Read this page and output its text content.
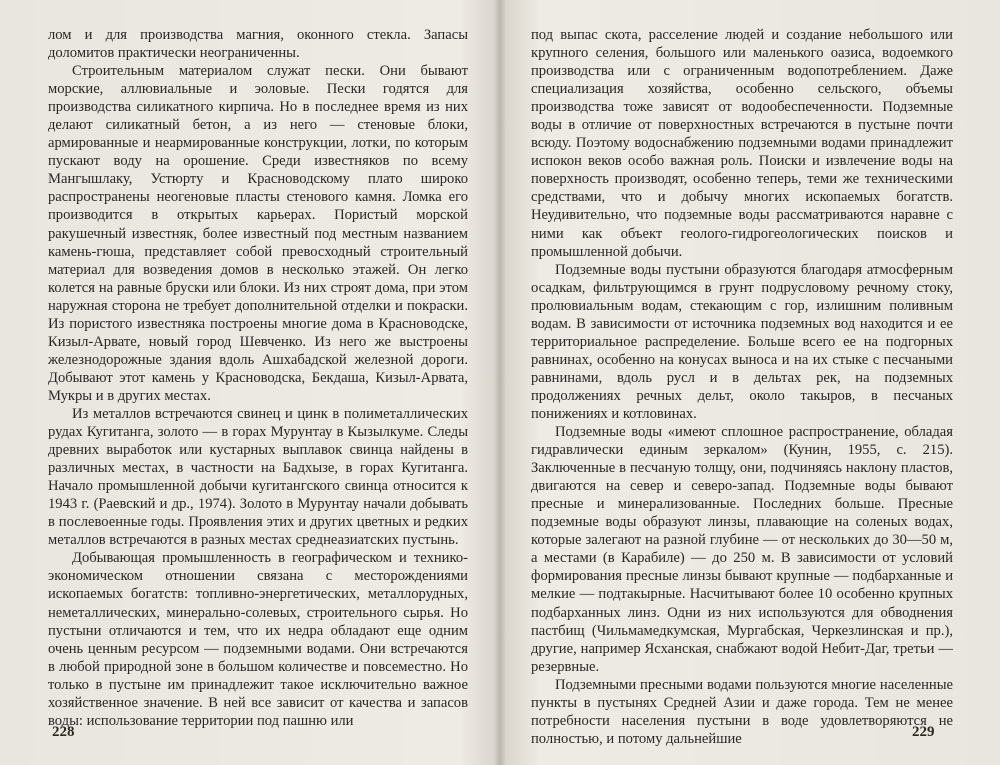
лом и для производства магния, оконного стекла. Запасы доломитов практически неограниченны.

Строительным материалом служат пески. Они бывают морские, аллювиальные и эоловые. Пески годятся для производства силикатного кирпича. Но в последнее время из них делают силикатный бетон, а из него — стеновые блоки, армированные и неармированные конструкции, лотки, по которым пускают воду на орошение. Среди известняков по всему Мангышлаку, Устюрту и Красноводскому плато широко распространены неогеновые пласты стенового камня. Ломка его производится в открытых карьерах. Пористый морской ракушечный известняк, более известный под местным названием камень-гюша, представляет собой превосходный строительный материал для возведения домов в несколько этажей. Он легко колется на равные бруски или блоки. Из них строят дома, при этом наружная сторона не требует дополнительной отделки и покраски. Из пористого известняка построены многие дома в Красноводске, Кизыл-Арвате, новый город Шевченко. Из него же выстроены железнодорожные здания вдоль Ашхабадской железной дороги. Добывают этот камень у Красноводска, Бекдаша, Кизыл-Арвата, Мукры и в других местах.

Из металлов встречаются свинец и цинк в полиметаллических рудах Кугитанга, золото — в горах Мурунтау в Кызылкуме. Следы древних выработок или кустарных выплавок свинца найдены в различных местах, в частности на Бадхызе, в горах Кугитанга. Начало промышленной добычи кугитангского свинца относится к 1943 г. (Раевский и др., 1974). Золото в Мурунтау начали добывать в послевоенные годы. Проявления этих и других цветных и редких металлов встречаются в разных местах среднеазиатских пустынь.

Добывающая промышленность в географическом и технико-экономическом отношении связана с месторождениями ископаемых богатств: топливно-энергетических, металлорудных, неметаллических, минерально-солевых, строительного сырья. Но пустыни отличаются и тем, что их недра обладают еще одним очень ценным ресурсом — подземными водами. Они встречаются в любой природной зоне в большом количестве и повсеместно. Но только в пустыне им принадлежит такое исключительно важное хозяйственное значение. В ней все зависит от качества и запасов воды: использование территории под пашню или

228

под выпас скота, расселение людей и создание небольшого или крупного селения, большого или маленького оазиса, водоемкого производства или с ограниченным водопотреблением. Даже специализация хозяйства, особенно сельского, объемы производства тоже зависят от водообеспеченности. Подземные воды в отличие от поверхностных встречаются в пустыне почти всюду. Поэтому водоснабжению подземными водами принадлежит испокон веков особо важная роль. Поиски и извлечение воды на поверхность производят, особенно теперь, теми же техническими средствами, что и добычу многих ископаемых богатств. Неудивительно, что подземные воды рассматриваются наравне с ними как объект геолого-гидрогеологических поисков и промышленной добычи.

Подземные воды пустыни образуются благодаря атмосферным осадкам, фильтрующимся в грунт подрусловому речному стоку, пролювиальным водам, стекающим с гор, излишним поливным водам. В зависимости от источника подземных вод находится и ее территориальное распределение. Больше всего ее на подгорных равнинах, особенно на конусах выноса и на их стыке с песчаными равнинами, вдоль русл и в дельтах рек, на подземных продолжениях речных дельт, около такыров, в песчаных понижениях и котловинах.

Подземные воды «имеют сплошное распространение, обладая гидравлически единым зеркалом» (Кунин, 1955, с. 215). Заключенные в песчаную толщу, они, подчиняясь наклону пластов, двигаются на север и северо-запад. Подземные воды бывают пресные и минерализованные. Последних больше. Пресные подземные воды образуют линзы, плавающие на соленых водах, которые залегают на разной глубине — от нескольких до 30—50 м, а местами (в Карабиле) — до 250 м. В зависимости от условий формирования пресные линзы бывают крупные — подбарханные и мелкие — подтакырные. Насчитывают более 10 особенно крупных подбарханных линз. Одни из них используются для обводнения пастбищ (Чильмамедкумская, Мургабская, Черкезлинская и пр.), другие, например Ясханская, снабжают водой Небит-Даг, третьи — резервные.

Подземными пресными водами пользуются многие населенные пункты в пустынях Средней Азии и даже города. Тем не менее потребности населения пустыни в воде удовлетворяются не полностью, и потому дальнейшие	229
